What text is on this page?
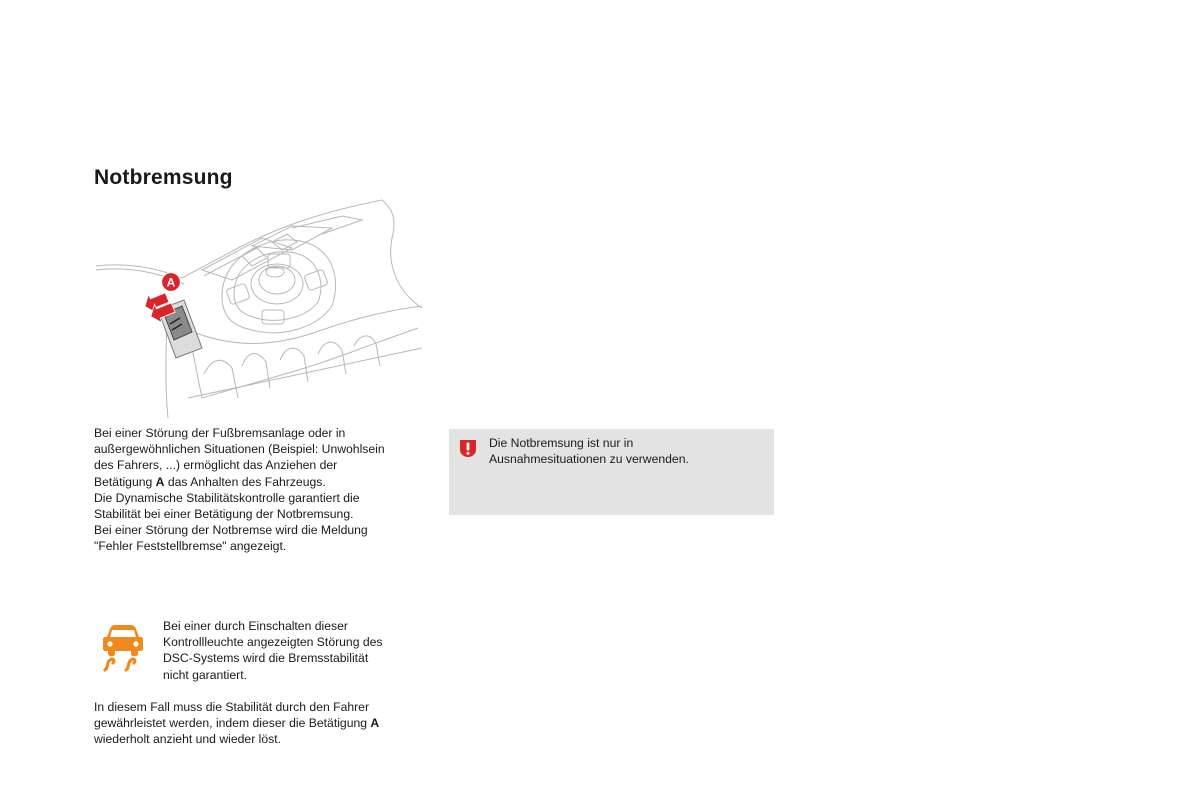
Notbremsung
A

Bei einer Störung der Fußbremsanlage oder in

außergewöhnlichen Situationen (Beispiel: Unwohlsein

des Fahrers, ...) ermöglicht das Anziehen der

Betätigung A das Anhalten des Fahrzeugs.

Die Dynamische Stabilitätskontrolle garantiert die

Stabilität bei einer Betätigung der Notbremsung.

Bei einer Störung der Notbremse wird die Meldung

"Fehler Feststellbremse" angezeigt.

Bei einer durch Einschalten dieser

Kontrollleuchte angezeigten Störung des

DSC-Systems wird die Bremsstabilität

nicht garantiert.

In diesem Fall muss die Stabilität durch den Fahrer

gewährleistet werden, indem dieser die Betätigung A

wiederholt anzieht und wieder löst.

Die Notbremsung ist nur in
Ausnahmesituationen zu verwenden.
